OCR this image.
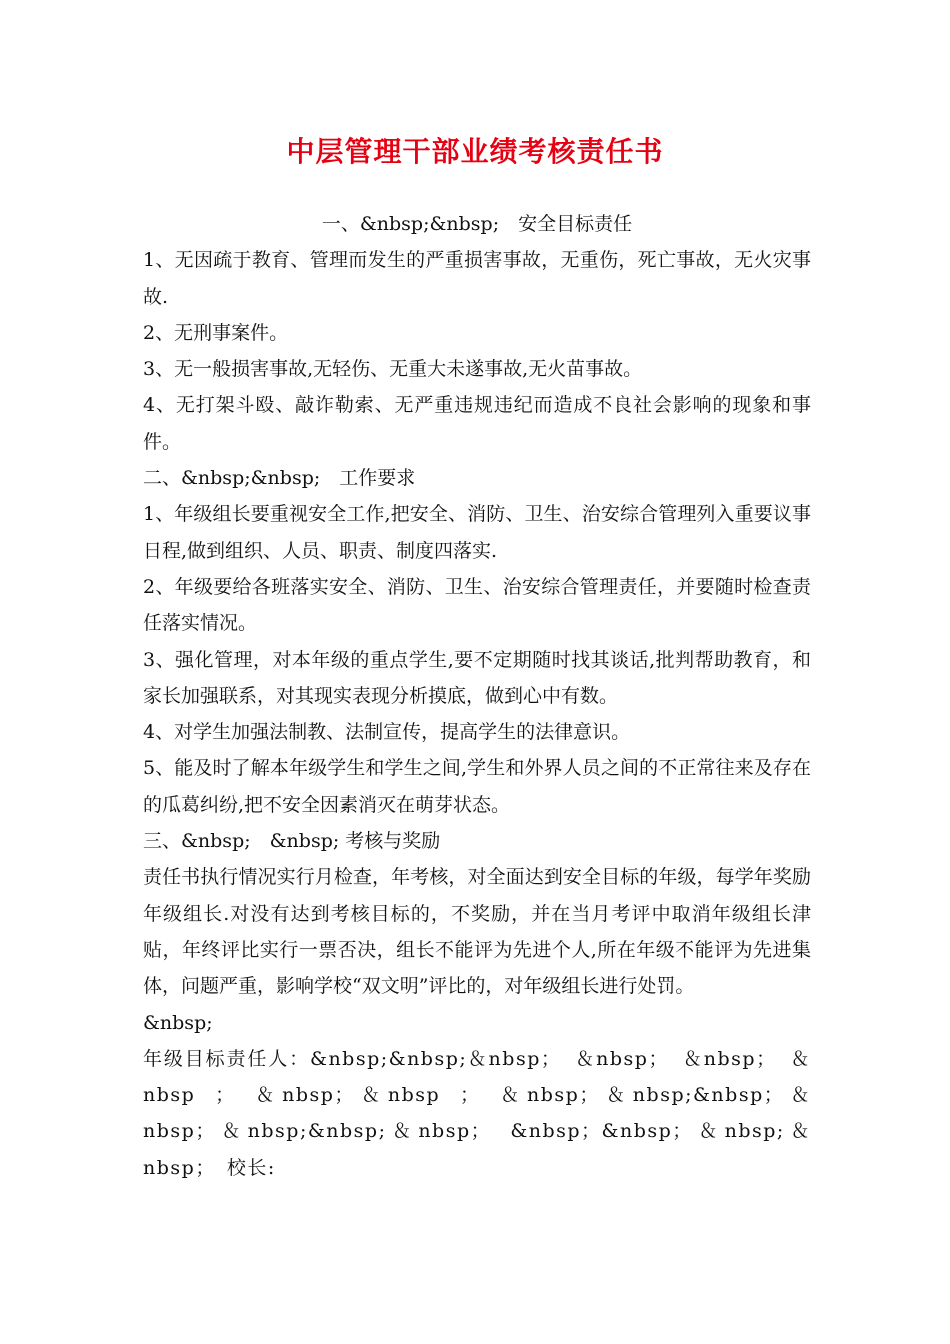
中层管理干部业绩考核责任书

一、&nbsp;&nbsp;　安全目标责任

1、无因疏于教育、管理而发生的严重损害事故，无重伤，死亡事故，无火灾事故.

2、无刑事案件。

3、无一般损害事故,无轻伤、无重大未遂事故,无火苗事故。

4、无打架斗殴、敲诈勒索、无严重违规违纪而造成不良社会影响的现象和事件。

二、&nbsp;&nbsp;　工作要求

1、年级组长要重视安全工作,把安全、消防、卫生、治安综合管理列入重要议事日程,做到组织、人员、职责、制度四落实.

2、年级要给各班落实安全、消防、卫生、治安综合管理责任，并要随时检查责任落实情况。

3、强化管理，对本年级的重点学生,要不定期随时找其谈话,批判帮助教育，和家长加强联系，对其现实表现分析摸底，做到心中有数。

4、对学生加强法制教、法制宣传，提高学生的法律意识。

5、能及时了解本年级学生和学生之间,学生和外界人员之间的不正常往来及存在的瓜葛纠纷,把不安全因素消灭在萌芽状态。

三、&nbsp;　&nbsp; 考核与奖励

责任书执行情况实行月检查，年考核，对全面达到安全目标的年级，每学年奖励年级组长.对没有达到考核目标的，不奖励，并在当月考评中取消年级组长津贴，年终评比实行一票否决，组长不能评为先进个人,所在年级不能评为先进集体，问题严重，影响学校“双文明”评比的，对年级组长进行处罚。

&nbsp;

年级目标责任人：&nbsp;&nbsp;＆nbsp； ＆nbsp； ＆nbsp； ＆nbsp ； ＆nbsp；＆nbsp ； ＆nbsp；＆nbsp;&nbsp；＆nbsp；＆nbsp;&nbsp;＆nbsp； &nbsp；&nbsp；＆nbsp;＆nbsp；　校长:
